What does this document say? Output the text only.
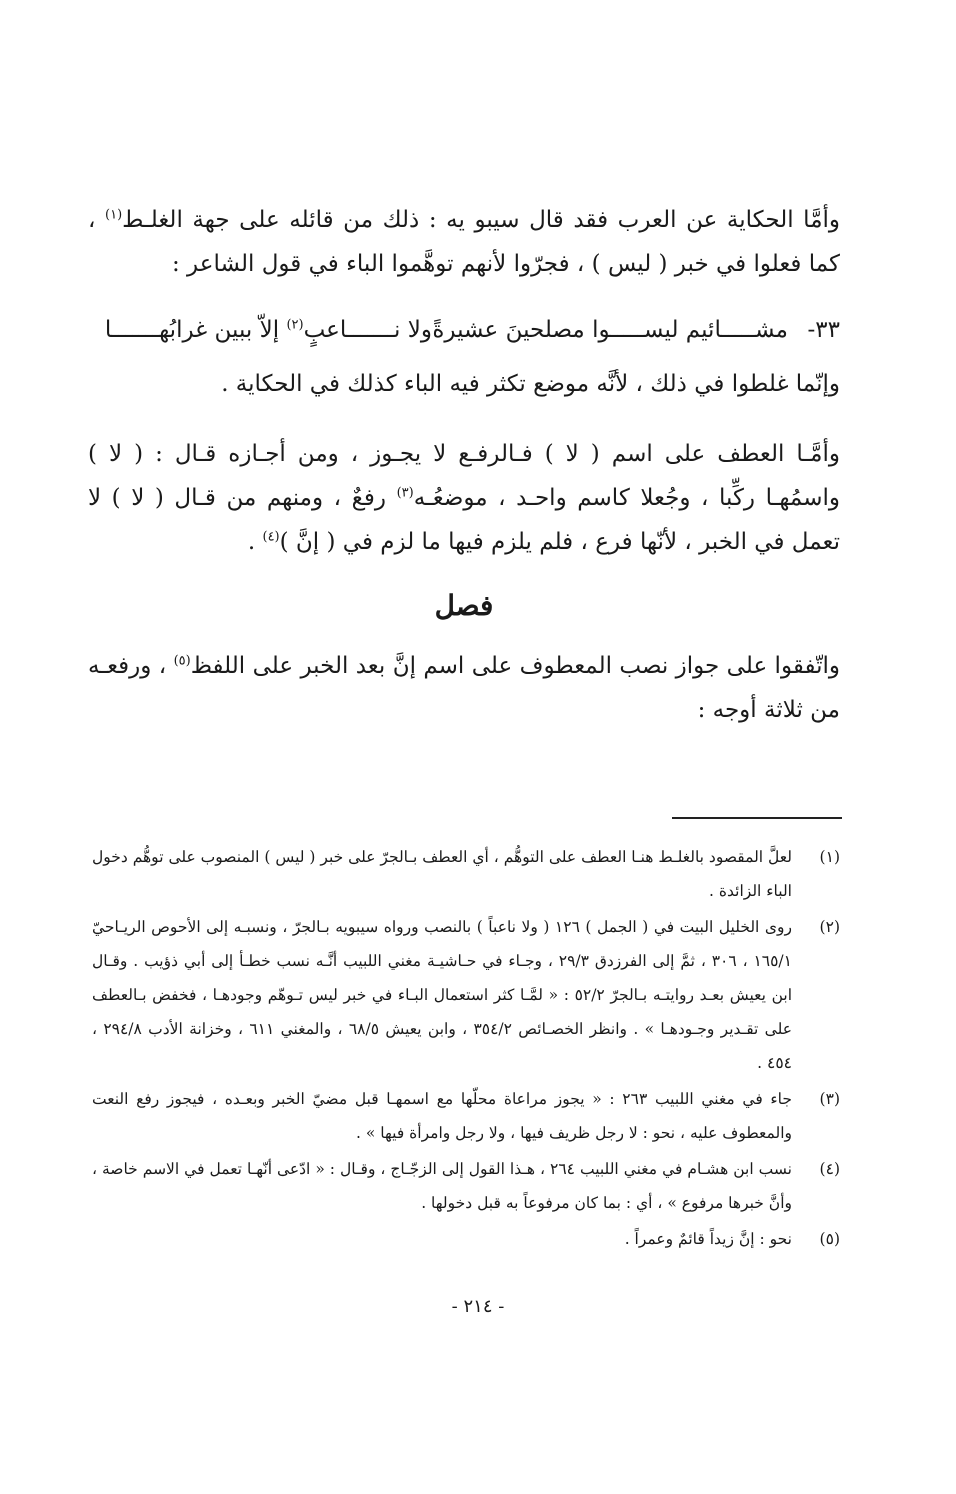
وأمَّا الحكاية عن العرب فقد قال سيبو يه : ذلك من قائله على جهة الغلـط$^{(١)}$ ، كما فعلوا في خبر ( ليس ) ، فجرّوا لأنهم توهَّموا الباء في قول الشاعر :

٣٣-
مشـــــائيم ليســـــوا مصلحينَ عشيرةً
ولا نـــــــاعبٍ$^{(٢)}$ إلاّ ببين غرابُهـــــــا

وإنّما غلطوا في ذلك ، لأنَّه موضع تكثر فيه الباء كذلك في الحكاية .

وأمَّـا العطف على اسم ( لا ) فـالرفـع لا يجـوز ، ومن أجـازه قـال : ( لا ) واسمُهـا ركِّبا ، وجُعلا كاسم واحـد ، موضعُـه$^{(٣)}$ رفعٌ ، ومنهم من قـال ( لا ) لا تعمل في الخبر ، لأنّها فرع ، فلم يلزم فيها ما لزم في ( إنَّ )$^{(٤)}$ .

فصل

واتّفقوا على جواز نصب المعطوف على اسم إنَّ بعد الخبر على اللفظ$^{(٥)}$ ، ورفعـه من ثلاثة أوجه :

(١)
لعلَّ المقصود بالغلـط هنـا العطف على التوهُّم ، أي العطف بـالجرّ على خبر ( ليس ) المنصوب على توهُّم دخول الباء الزائدة .
(٢)
روى الخليل البيت في ( الجمل ) ١٢٦ ( ولا ناعباً ) بالنصب ورواه سيبويه بـالجرّ ، ونسبـه إلى الأحوص الريـاحيّ ١٦٥/١ ، ٣٠٦ ، ثمَّ إلى الفرزدق ٢٩/٣ ، وجـاء في حـاشيـة مغني اللبيب أنَّـه نسب خطـأ إلى أبي ذؤيب . وقـال ابن يعيش بعـد روايتـه بـالجرّ ٥٢/٢ : « لمَّـا كثر استعمال البـاء في خبر ليس تـوهّم وجودهـا ، فخفض بـالعطف على تقـدير وجـودهـا » . وانظر الخصـائص ٣٥٤/٢ ، وابن يعيش ٦٨/٥ ، والمغني ٦١١ ، وخزانة الأدب ٢٩٤/٨ ، ٤٥٤ .
(٣)
جاء في مغني اللبيب ٢٦٣ : « يجوز مراعاة محلّها مع اسمهـا قبل مضيّ الخبر وبعـده ، فيجوز رفع النعت والمعطوف عليه ، نحو : لا رجل ظريف فيها ، ولا رجل وامرأة فيها » .
(٤)
نسب ابن هشـام في مغني اللبيب ٢٦٤ ، هـذا القول إلى الزجّـاج ، وقـال : « ادّعى أنّهـا تعمل في الاسم خاصة ، وأنَّ خبرها مرفوع » ، أي : بما كان مرفوعاً به قبل دخولها .
(٥)
نحو : إنَّ زيداً قائمٌ وعمراً .
- ٢١٤ -
